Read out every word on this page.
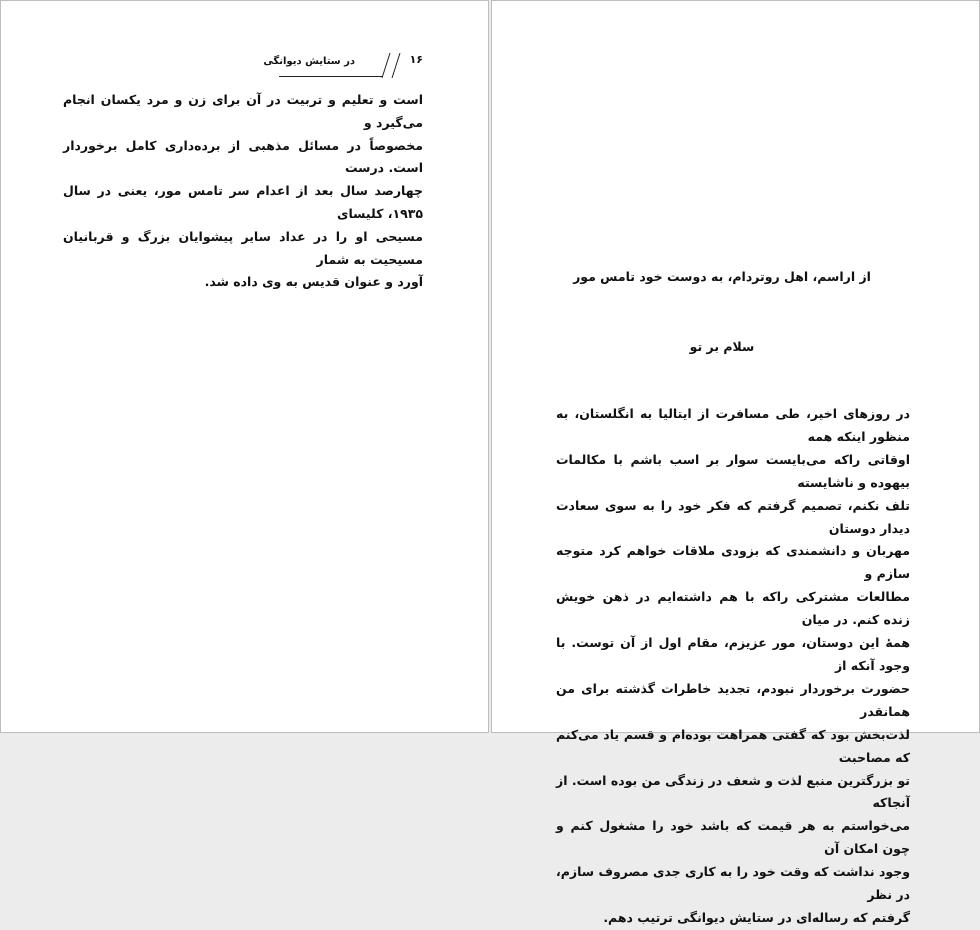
در ستایش دیوانگی	۱۶
است و تعلیم و تربیت در آن برای زن و مرد یکسان انجام می‌گیرد و
مخصوصاً در مسائل مذهبی از برده‌داری کامل برخوردار است. درست
چهارصد سال بعد از اعدام سر تامس مور، یعنی در سال ۱۹۳۵، کلیسای
مسیحی او را در عداد سایر پیشوایان بزرگ و قربانیان مسیحیت به شمار
آورد و عنوان قدیس به وی داده شد.	از اراسم، اهل روتردام، به دوست خود تامس مور

سلام بر تو

در روزهای اخیر، طی مسافرت از ایتالیا به انگلستان، به منظور اینکه همه
اوقاتی راکه می‌بایست سوار بر اسب باشم با مکالمات بیهوده و ناشایسته
تلف نکنم، تصمیم گرفتم که فکر خود را به سوی سعادت دیدار دوستان
مهربان و دانشمندی که بزودی ملاقات خواهم کرد متوجه سازم و
مطالعات مشترکی راکه با هم داشته‌ایم در ذهن خویش زنده کنم. در میان
همهٔ این دوستان، مور عزیزم، مقام اول از آن توست. با وجود آنکه از
حضورت برخوردار نبودم، تجدید خاطرات گذشته برای من همانقدر
لذت‌بخش بود که گفتی همراهت بوده‌ام و قسم یاد می‌کنم که مصاحبت
تو بزرگترین منبع لذت و شعف در زندگی من بوده است. از آنجاکه
می‌خواستم به هر قیمت که باشد خود را مشغول کنم و چون امکان آن
وجود نداشت که وقت خود را به کاری جدی مصروف سازم، در نظر
گرفتم که رساله‌ای در ستایش دیوانگی ترتیب دهم.
